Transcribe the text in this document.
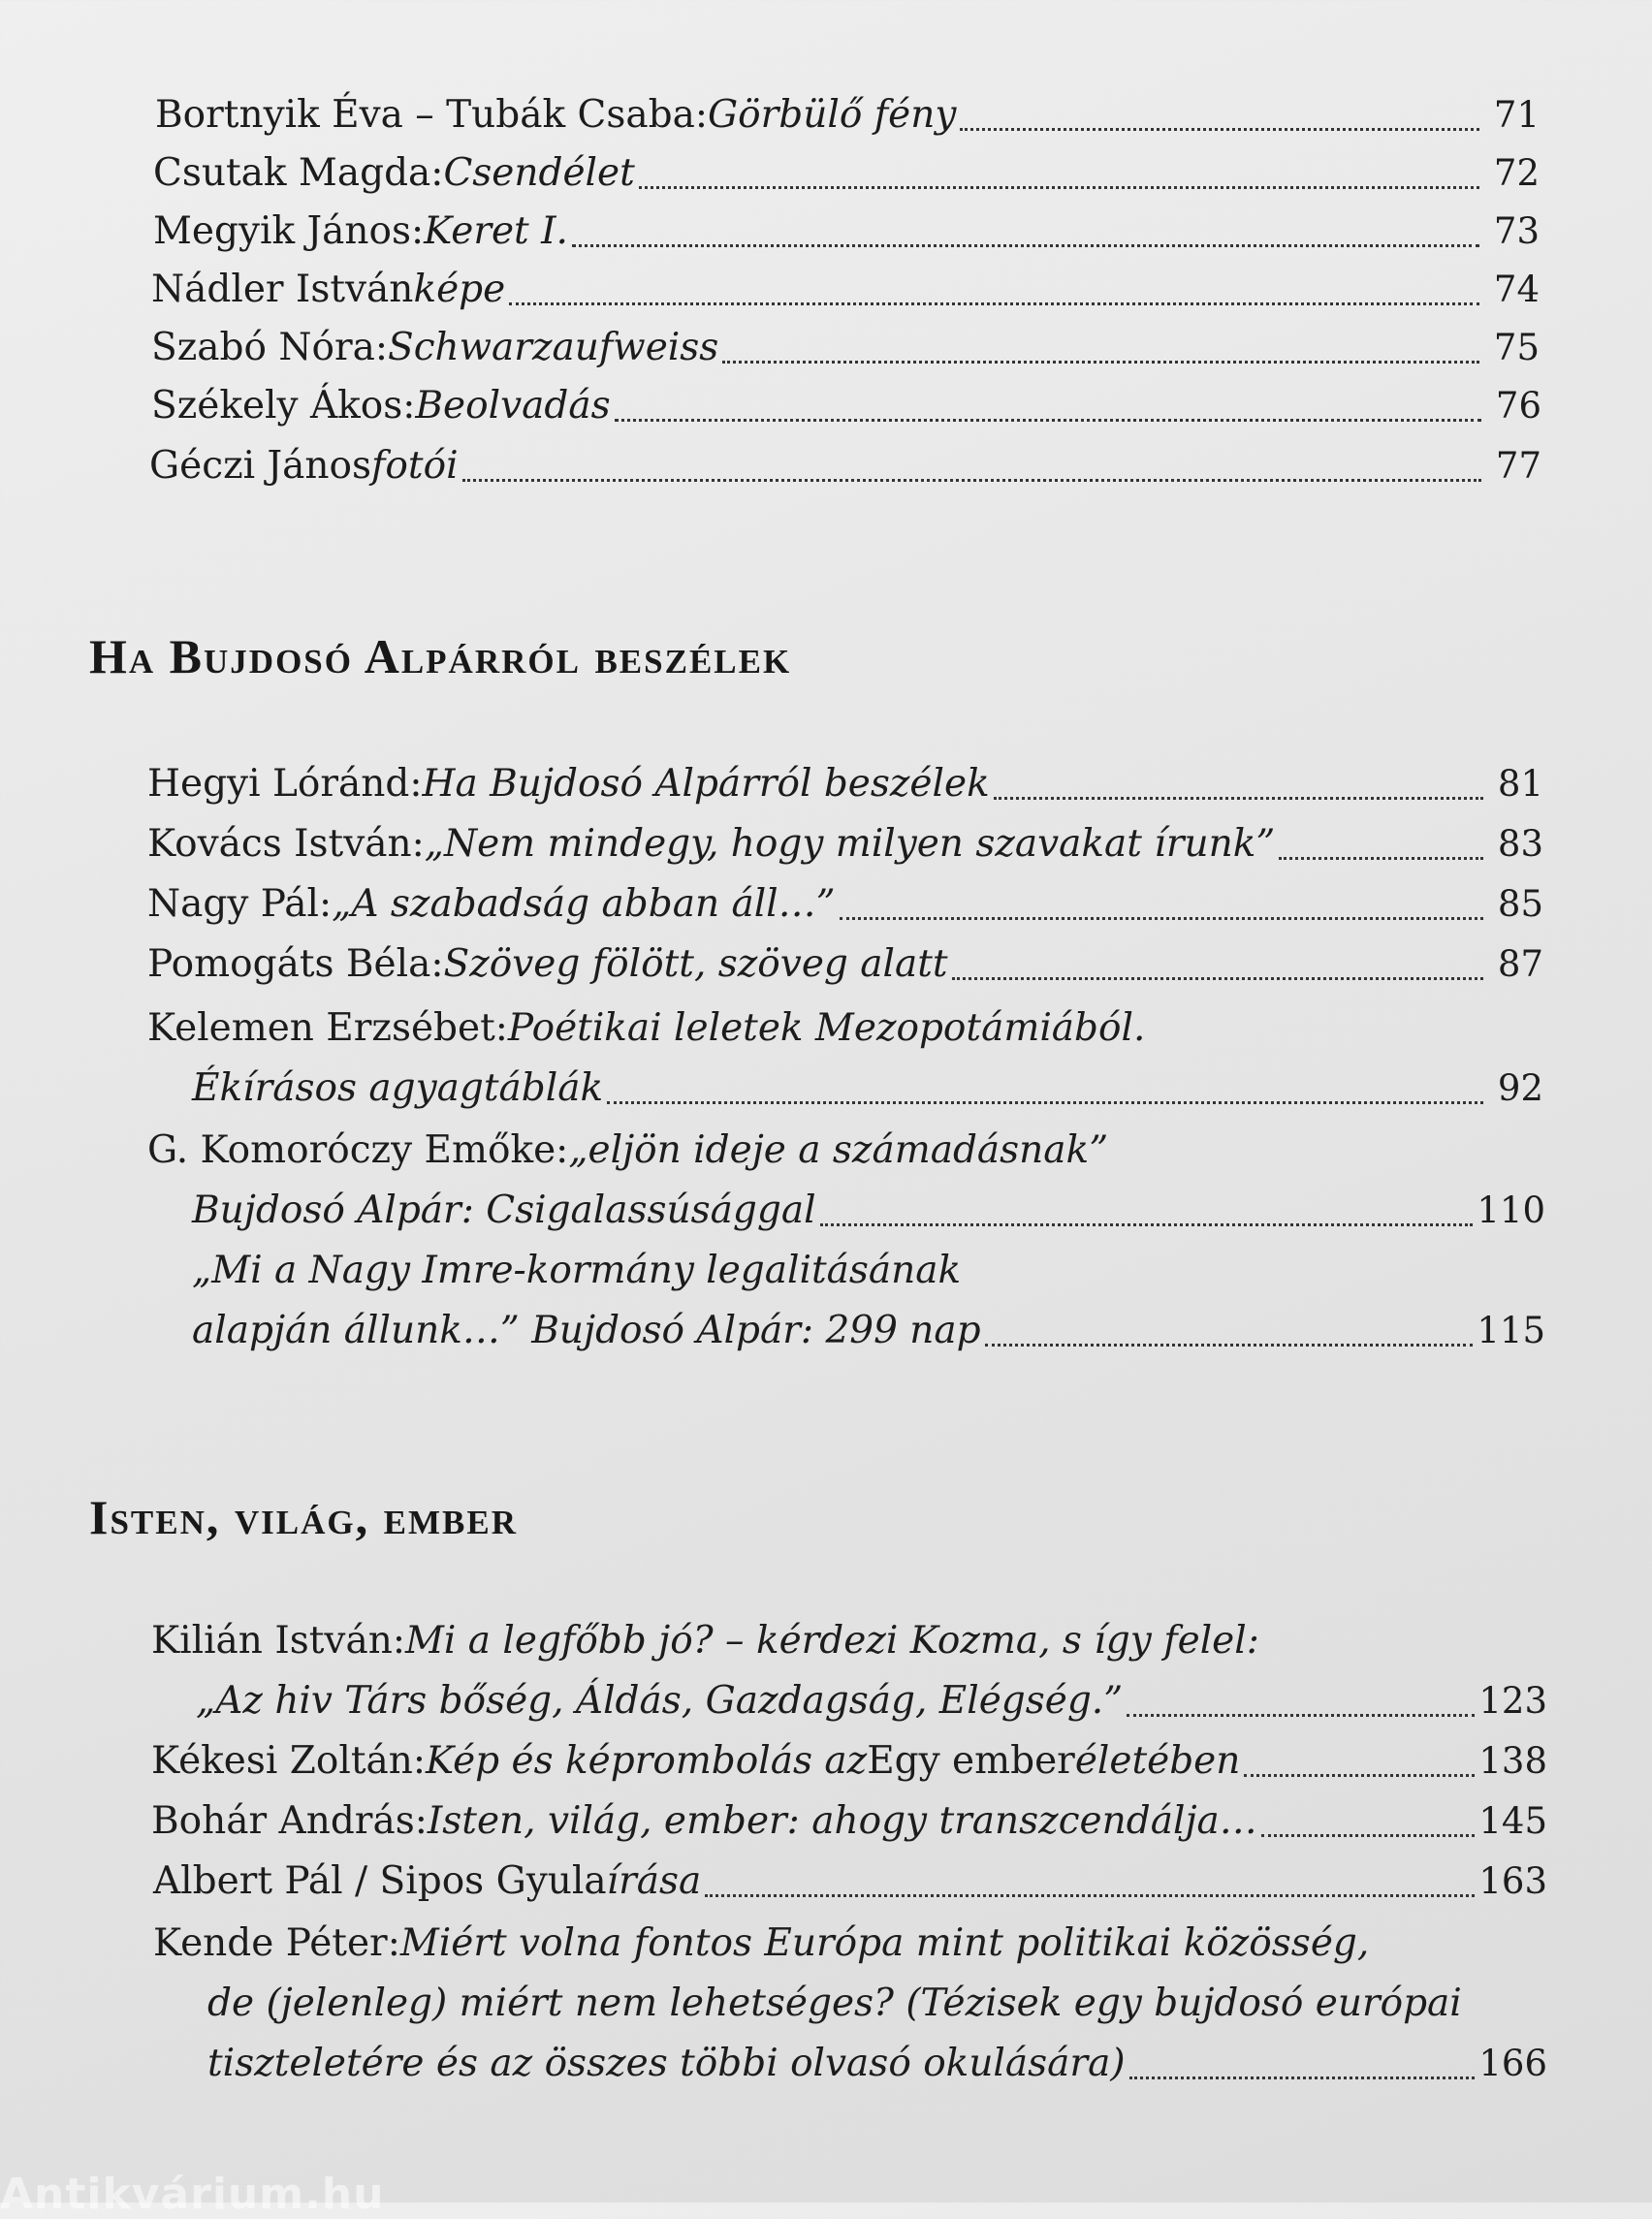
Bortnyik Éva – Tubák Csaba: Görbülő fény	71
Csutak Magda: Csendélet	72
Megyik János: Keret I.	73
Nádler István képe	74
Szabó Nóra: Schwarzaufweiss	75
Székely Ákos: Beolvadás	76
Géczi János fotói	77
Ha Bujdosó Alpárról beszélek
Hegyi Lóránd: Ha Bujdosó Alpárról beszélek	81
Kovács István: „Nem mindegy, hogy milyen szavakat írunk”	83
Nagy Pál: „A szabadság abban áll…”	85
Pomogáts Béla: Szöveg fölött, szöveg alatt	87
Kelemen Erzsébet: Poétikai leletek Mezopotámiából.
Ékírásos agyagtáblák	92
G. Komoróczy Emőke: „eljön ideje a számadásnak”
Bujdosó Alpár: Csigalassúsággal	110
„Mi a Nagy Imre-kormány legalitásának
alapján állunk…” Bujdosó Alpár: 299 nap	115
Isten, világ, ember
Kilián István: Mi a legfőbb jó? – kérdezi Kozma, s így felel:
„Az hiv Társ bőség, Áldás, Gazdagság, Elégség.”	123
Kékesi Zoltán: Kép és képrombolás az Egy ember életében	138
Bohár András: Isten, világ, ember: ahogy transzcendálja…	145
Albert Pál / Sipos Gyula írása	163
Kende Péter: Miért volna fontos Európa mint politikai közösség,
de (jelenleg) miért nem lehetséges? (Tézisek egy bujdosó európai
tiszteletére és az összes többi olvasó okulására)	166
Antikvárium.hu
